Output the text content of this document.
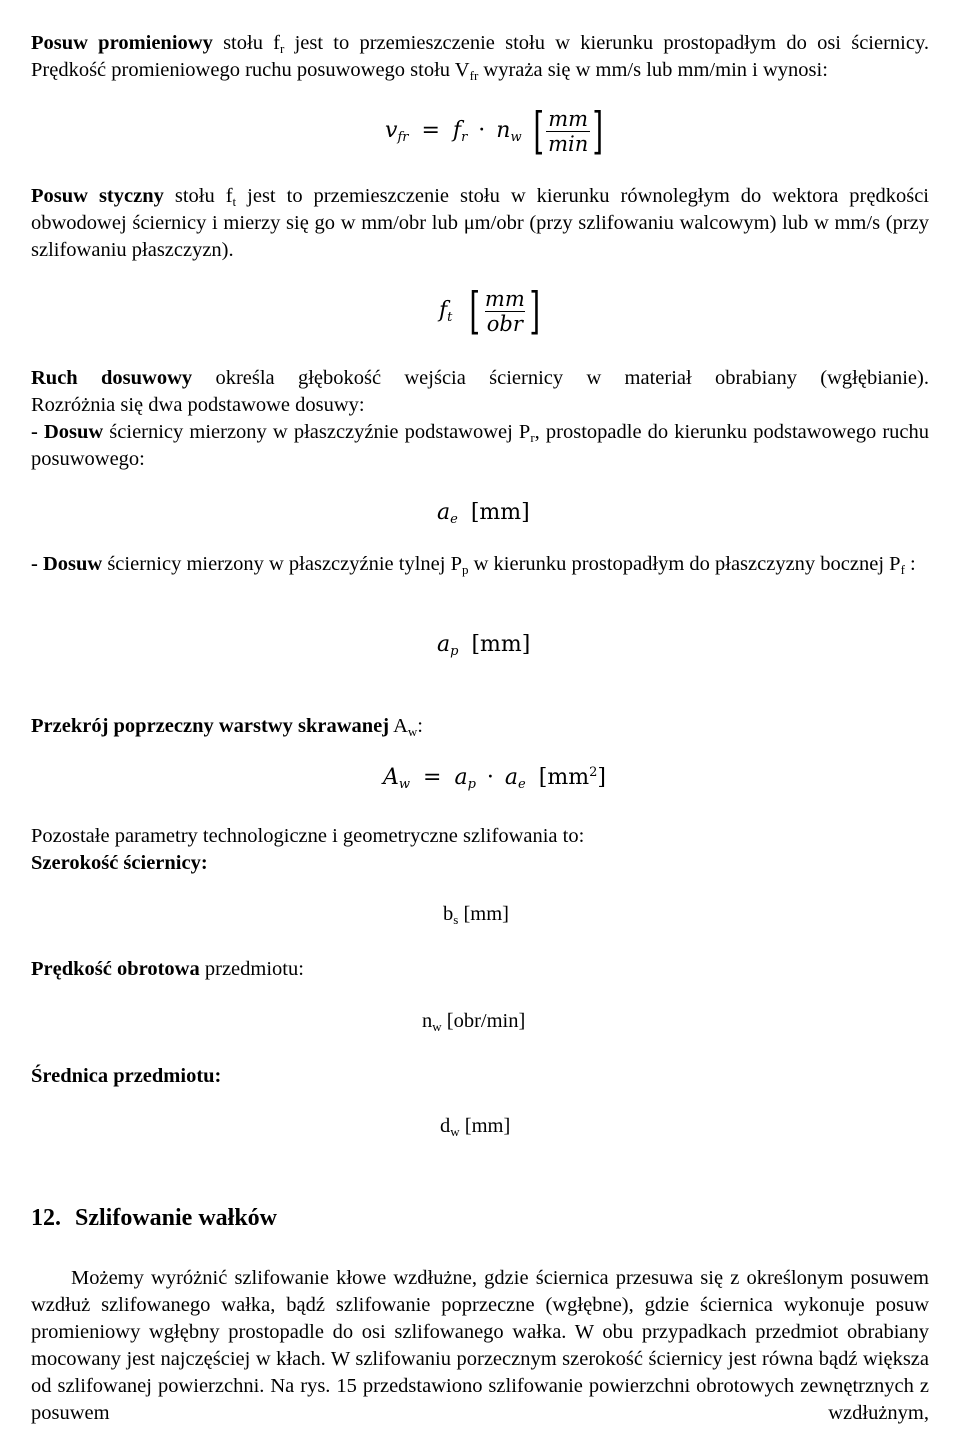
Posuw promieniowy stołu $f_r$ jest to przemieszczenie stołu w kierunku prostopadłym do osi ściernicy. Prędkość promieniowego ruchu posuwowego stołu $V_{fr}$ wyraża się w mm/s lub mm/min i wynosi:
$v_{fr} = f_r \cdot n_w$ [ $\frac{mm}{\min}$ ]
Posuw styczny stołu $f_t$ jest to przemieszczenie stołu w kierunku równoległym do wektora prędkości obwodowej ściernicy i mierzy się go w mm/obr lub μm/obr (przy szlifowaniu walcowym) lub w mm/s (przy szlifowaniu płaszczyzn).
$f_t$ [ $\frac{mm}{\text{obr}}$ ]
Ruch dosuwowy określa głębokość wejścia ściernicy w materiał obrabiany (wgłębianie).
Rozróżnia się dwa podstawowe dosuwy:
- Dosuw ściernicy mierzony w płaszczyźnie podstawowej $P_r$, prostopadle do kierunku podstawowego ruchu posuwowego:
$a_e$ [mm]
- Dosuw ściernicy mierzony w płaszczyźnie tylnej $P_p$ w kierunku prostopadłym do płaszczyzny bocznej $P_f$ :
$a_p$ [mm]
Przekrój poprzeczny warstwy skrawanej $A_w$:
$A_w = a_p \cdot a_e$ $[mm^2]$
Pozostałe parametry technologiczne i geometryczne szlifowania to:
Szerokość ściernicy:
$b_s$ [mm]
Prędkość obrotowa przedmiotu:
$n_w$ [obr/min]
Średnica przedmiotu:
$d_w$ [mm]
12. Szlifowanie wałków
Możemy wyróżnić szlifowanie kłowe wzdłużne, gdzie ściernica przesuwa się z określonym posuwem wzdłuż szlifowanego wałka, bądź szlifowanie poprzeczne (wgłębne), gdzie ściernica wykonuje posuw promieniowy wgłębny prostopadle do osi szlifowanego wałka. W obu przypadkach przedmiot obrabiany mocowany jest najczęściej w kłach. W szlifowaniu porzecznym szerokość ściernicy jest równa bądź większa od szlifowanej powierzchni. Na rys. 15 przedstawiono szlifowanie powierzchni obrotowych zewnętrznych z posuwem wzdłużnym,
